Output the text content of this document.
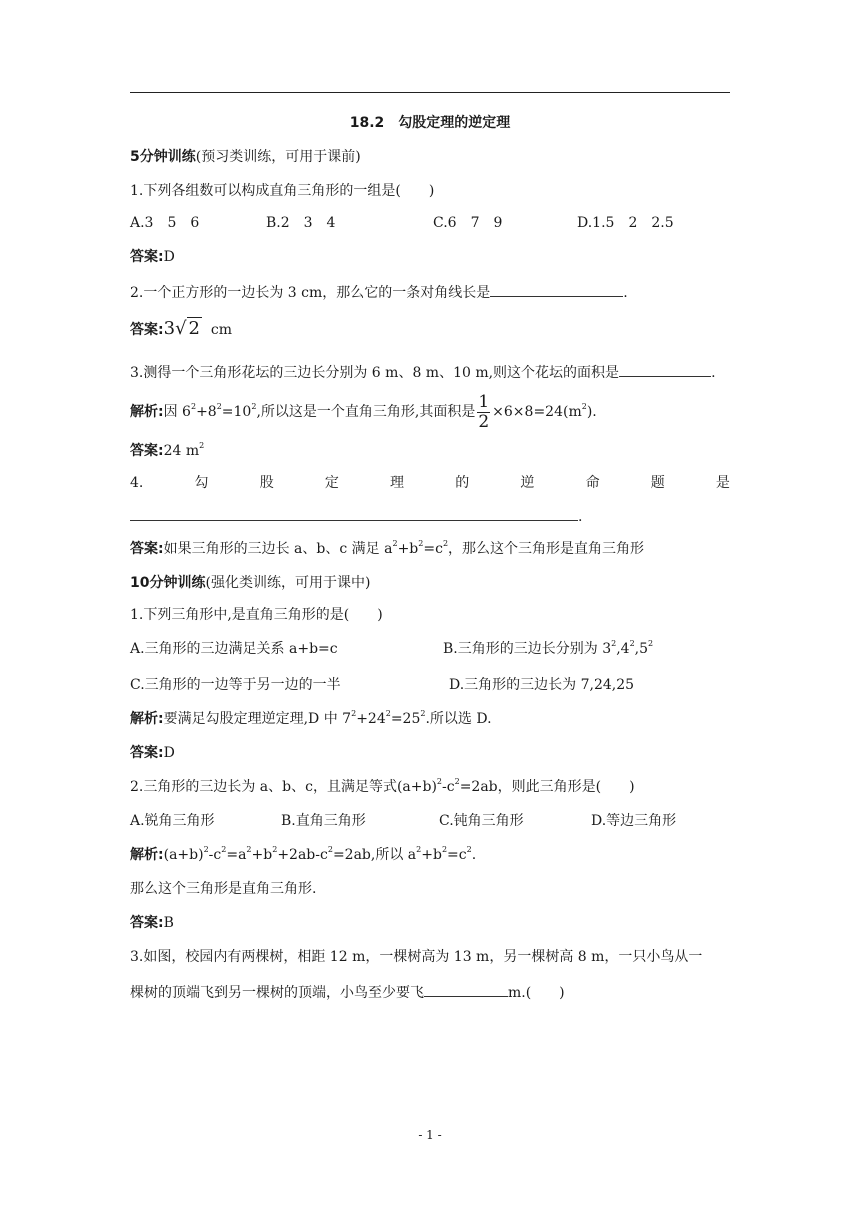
18.2　勾股定理的逆定理
5分钟训练(预习类训练，可用于课前)
1.下列各组数可以构成直角三角形的一组是(　　)
A.3　5　6	B.2　3　4	C.6　7　9	D.1.5　2　2.5
答案:D
2.一个正方形的一边长为 3 cm，那么它的一条对角线长是	.
答案:3√ 2 cm
3.测得一个三角形花坛的三边长分别为 6 m、8 m、10 m,则这个花坛的面积是	.
解析:因 $6^2+8^2=10^2$,所以这是一个直角三角形,其面积是 $\frac{1}{2} \times 6\times 8=24(m^2)$.
答案:24 $m^2$
4.	勾	股	定	理	的	逆	命	题	是
.
答案:如果三角形的三边长 a、b、c 满足 $a^2+b^2=c^2$，那么这个三角形是直角三角形
10分钟训练(强化类训练，可用于课中)
1.下列三角形中,是直角三角形的是(　　)
A.三角形的三边满足关系 a+b=c	B.三角形的三边长分别为 $3^2,4^2,5^2$
C.三角形的一边等于另一边的一半	D.三角形的三边长为 7,24,25
解析:要满足勾股定理逆定理,D 中 $7^2+24^2=25^2$.所以选 D.
答案:D
2.三角形的三边长为 a、b、c，且满足等式$(a+b)^2-c^2=2ab$，则此三角形是(　　)
A.锐角三角形	B.直角三角形	C.钝角三角形	D.等边三角形
解析$:(a+b)^2-c^2=a^2+b^2+2ab-c^2=2ab$,所以 $a^2+b^2=c^2$.
那么这个三角形是直角三角形.
答案:B
3.如图，校园内有两棵树，相距 12 m，一棵树高为 13 m，另一棵树高 8 m，一只小鸟从一
棵树的顶端飞到另一棵树的顶端，小鸟至少要飞	m.(　　)
- 1 -
